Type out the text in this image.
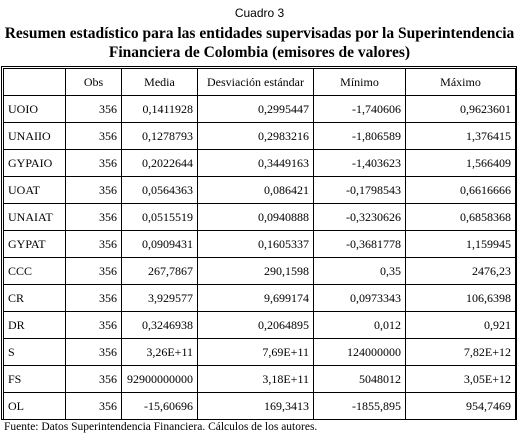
Cuadro 3
Resumen estadístico para las entidades supervisadas por la Superintendencia
Financiera de Colombia (emisores de valores)
	Obs	Media	Desviación estándar	Mínimo	Máximo
UOIO	356	0,1411928	0,2995447	-1,740606	0,9623601
UNAIIO	356	0,1278793	0,2983216	-1,806589	1,376415
GYPAIO	356	0,2022644	0,3449163	-1,403623	1,566409
UOAT	356	0,0564363	0,086421	-0,1798543	0,6616666
UNAIAT	356	0,0515519	0,0940888	-0,3230626	0,6858368
GYPAT	356	0,0909431	0,1605337	-0,3681778	1,159945
CCC	356	267,7867	290,1598	0,35	2476,23
CR	356	3,929577	9,699174	0,0973343	106,6398
DR	356	0,3246938	0,2064895	0,012	0,921
S	356	3,26E+11	7,69E+11	124000000	7,82E+12
FS	356	92900000000	3,18E+11	5048012	3,05E+12
OL	356	-15,60696	169,3413	-1855,895	954,7469
Fuente: Datos Superintendencia Financiera. Cálculos de los autores.
